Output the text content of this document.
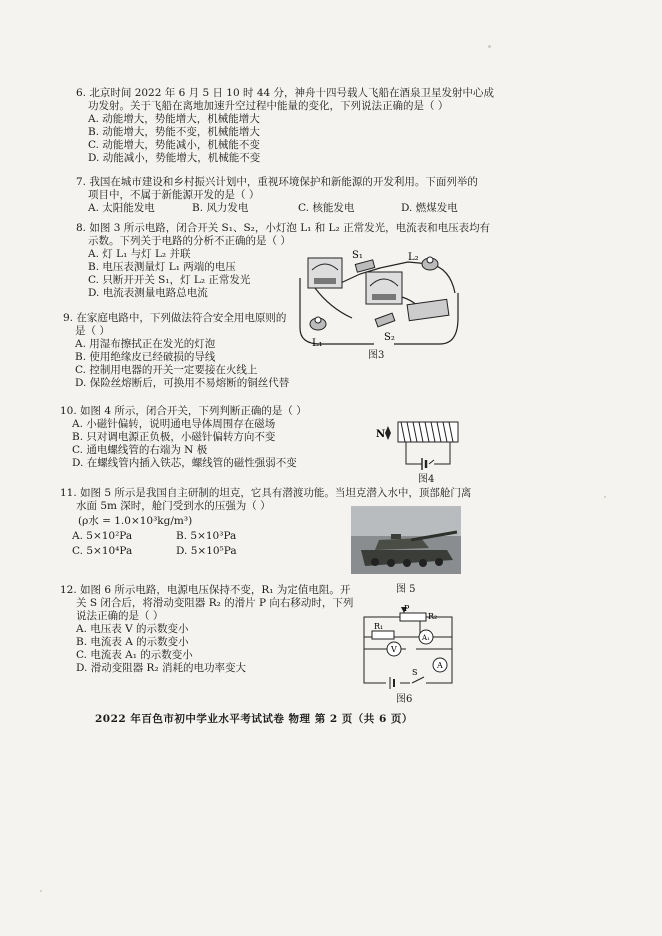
6. 北京时间 2022 年 6 月 5 日 10 时 44 分，神舟十四号载人飞船在酒泉卫星发射中心成
功发射。关于飞船在离地加速升空过程中能量的变化，下列说法正确的是（ ）
A. 动能增大，势能增大，机械能增大
B. 动能增大，势能不变，机械能增大
C. 动能增大，势能减小，机械能不变
D. 动能减小，势能增大，机械能不变
7. 我国在城市建设和乡村振兴计划中，重视环境保护和新能源的开发利用。下面列举的
项目中，不属于新能源开发的是（ ）
A. 太阳能发电	B. 风力发电	C. 核能发电	D. 燃煤发电
8. 如图 3 所示电路，闭合开关 S₁、S₂，小灯泡 L₁ 和 L₂ 正常发光，电流表和电压表均有
示数。下列关于电路的分析不正确的是（ ）
A. 灯 L₁ 与灯 L₂ 并联
B. 电压表测量灯 L₁ 两端的电压
C. 只断开开关 S₁，灯 L₂ 正常发光
D. 电流表测量电路总电流
S₁	L₂
L₁
S₂
图3
9. 在家庭电路中，下列做法符合安全用电原则的
是（ ）
A. 用湿布擦拭正在发光的灯泡
B. 使用绝缘皮已经破损的导线
C. 控制用电器的开关一定要接在火线上
D. 保险丝熔断后，可换用不易熔断的铜丝代替
10. 如图 4 所示，闭合开关，下列判断正确的是（ ）
A. 小磁针偏转，说明通电导体周围存在磁场
B. 只对调电源正负极，小磁针偏转方向不变
C. 通电螺线管的右端为 N 极
D. 在螺线管内插入铁芯，螺线管的磁性强弱不变
N
图4
11. 如图 5 所示是我国自主研制的坦克，它具有潜渡功能。当坦克潜入水中，顶部舱门离
水面 5m 深时，舱门受到水的压强为（ ）
(ρ水 = 1.0×10³kg/m³)
A. 5×10²Pa	B. 5×10³Pa
C. 5×10⁴Pa	D. 5×10⁵Pa
图 5
12. 如图 6 所示电路，电源电压保持不变，R₁ 为定值电阻。开
关 S 闭合后，将滑动变阻器 R₂ 的滑片 P 向右移动时，下列
说法正确的是（ ）
A. 电压表 V 的示数变小
B. 电流表 A 的示数变小
C. 电流表 A₁ 的示数变小
D. 滑动变阻器 R₂ 消耗的电功率变大
P
R₁
R₂
A₁
V
A
S
图6
2022 年百色市初中学业水平考试试卷 物理 第 2 页（共 6 页）
